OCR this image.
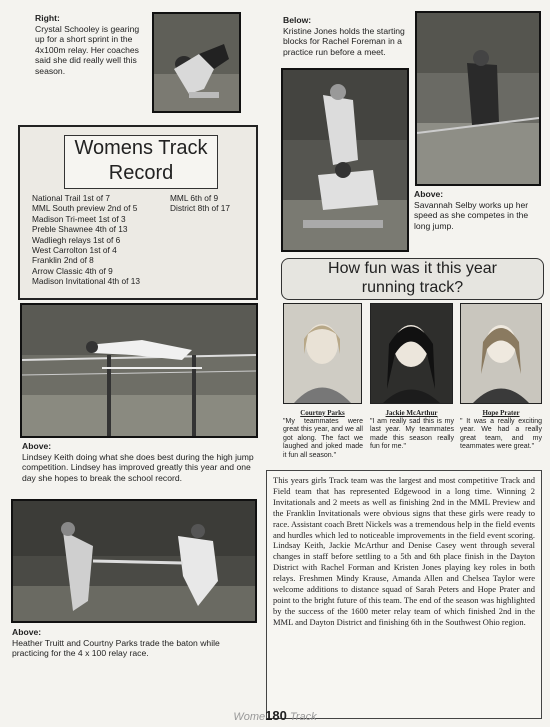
Right:
Crystal Schooley is gearing up for a short sprint in the 4x100m relay. Her coaches said she did really well this season.
Womens Track
Record
National Trail 1st of 7
MML South preview 2nd of 5
Madison Tri-meet 1st of 3
Preble Shawnee 4th of 13
Wadliegh relays 1st of 6
West Carrolton 1st of 4
Franklin 2nd of 8
Arrow Classic 4th of 9
Madison Invitational 4th of 13
MML 6th of 9
District 8th of 17
Above:
Lindsey Keith doing what she does best during the high jump competition. Lindsey has improved greatly this year and one day she hopes to break the school record.
Above:
Heather Truitt and Courtny Parks trade the baton while practicing for the 4 x 100 relay race.
Below:
Kristine Jones holds the starting blocks for Rachel Foreman in a practice run before a meet.
Above:
Savannah Selby works up her speed as she competes in the long jump.
How fun was it this year
running track?
Courtny Parks
"My teammates were great this year, and we all got along. The fact we laughed and joked made it fun all season."
Jackie McArthur
"I am really sad this is my last year. My teammates made this season really fun for me."
Hope Prater
" It was a really exciting year. We had a really great team, and my teammates were great."
This years girls Track team was the largest and most competitive Track and Field team that has represented Edgewood in a long time. Winning 2 Invitationals and 2 meets as well as finishing 2nd in the MML Preview and the Franklin Invitationals were obvious signs that these girls were ready to race. Assistant coach Brett Nickels was a tremendous help in the field events and hurdles which led to noticeable improvements in the field event scoring. Lindsay Keith, Jackie McArthur and Denise Casey went through several changes in staff before settling to a 5th and 6th place finish in the Dayton District with Rachel Forman and Kristen Jones playing key roles in both relays. Freshmen Mindy Krause, Amanda Allen and Chelsea Taylor were welcome additions to distance squad of Sarah Peters and Hope Prater and point to the bright future of this team. The end of the season was highlighted by the success of the 1600 meter relay team of which finished 2nd in the MML and Dayton District and finishing 6th in the Southwest Ohio region.
Wome180 Track
